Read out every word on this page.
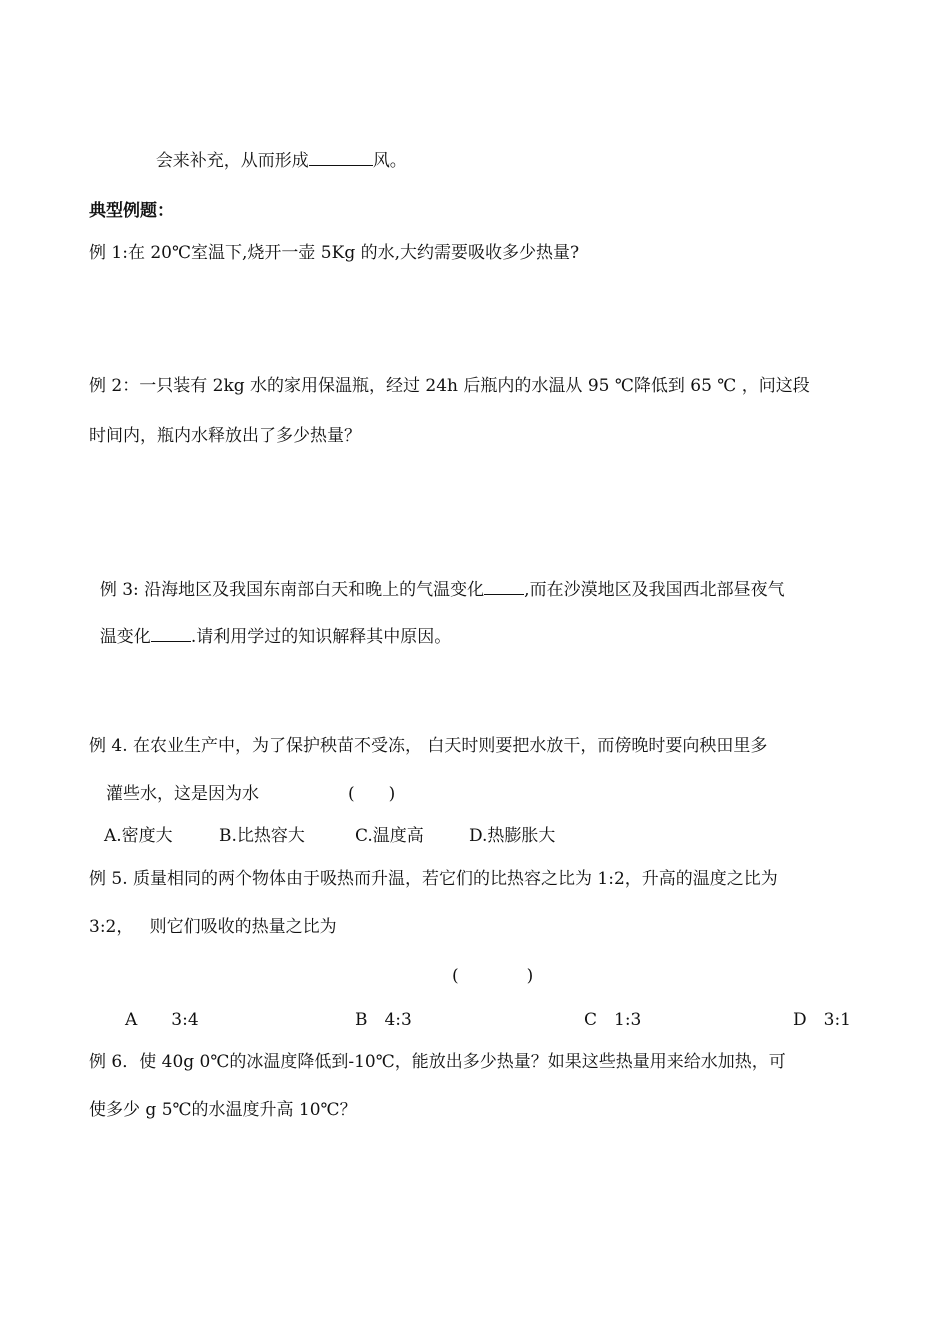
会来补充，从而形成	风。

典型例题：
例 1:在 20℃室温下,烧开一壶 5Kg 的水,大约需要吸收多少热量?
例 2：一只装有 2kg 水的家用保温瓶，经过 24h 后瓶内的水温从 95 ℃降低到 65 ℃ ，问这段
时间内，瓶内水释放出了多少热量？

例 3: 沿海地区及我国东南部白天和晚上的气温变化 ,而在沙漠地区及我国西北部昼夜气

温变化 .请利用学过的知识解释其中原因。

例 4. 在农业生产中，为了保护秧苗不受冻， 白天时则要把水放干，而傍晚时要向秧田里多
灌些水，这是因为水	(　　)
A.密度大	B.比热容大	C.温度高	D.热膨胀大
例 5. 质量相同的两个物体由于吸热而升温，若它们的比热容之比为 1:2，升高的温度之比为
3:2，   则它们吸收的热量之比为
(　　　　)
A　　3:4	B　4:3	C　1:3	D　3:1
例 6．使 40g 0℃的冰温度降低到-10℃，能放出多少热量？如果这些热量用来给水加热，可
使多少 g 5℃的水温度升高 10℃？
